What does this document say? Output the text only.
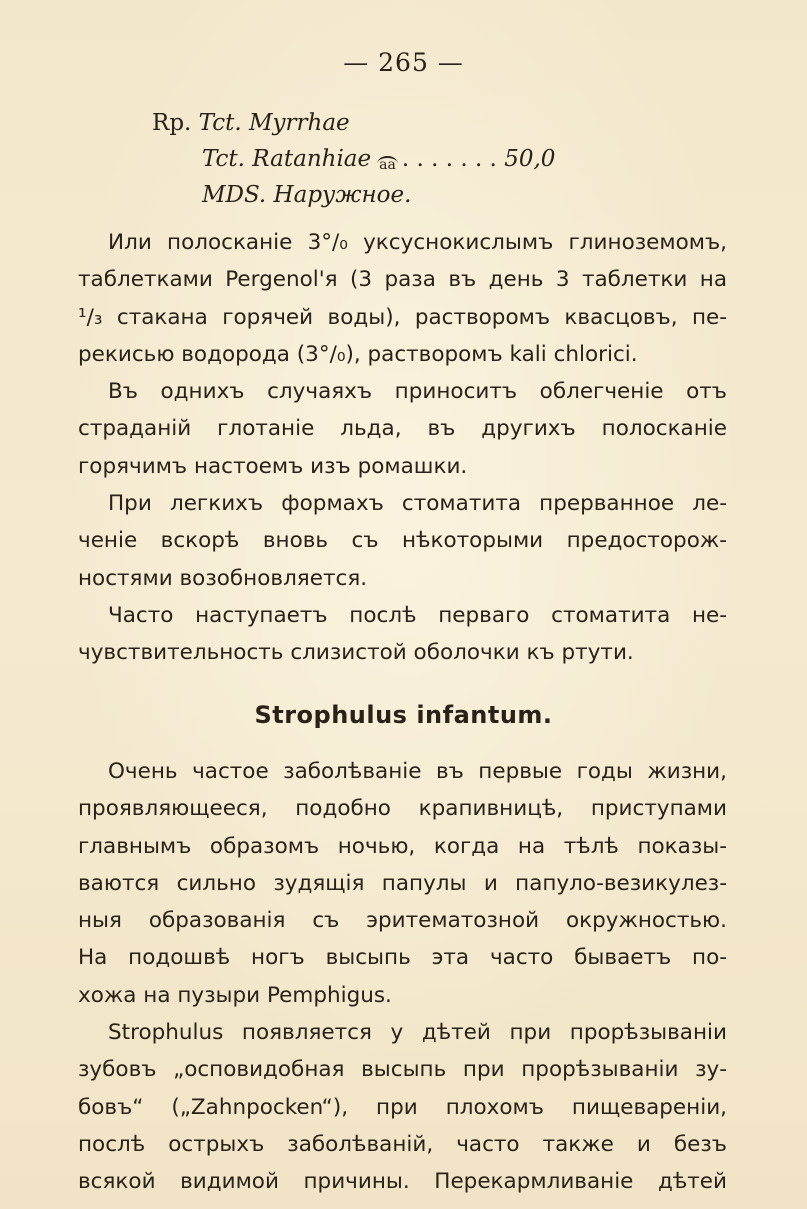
— 265 —
Rp. Tct. Myrrhae
Tct. Ratanhiae aa . . . . . . . 50,0
MDS. Наружное.
Или полосканіе 3°/₀ уксуснокислымъ глиноземомъ,
таблетками Pergenol'я (3 раза въ день 3 таблетки на
¹/₃ стакана горячей воды), растворомъ квасцовъ, пе-
рекисью водорода (3°/₀), растворомъ kali chlorici.
Въ однихъ случаяхъ приноситъ облегченіе отъ
страданій глотаніе льда, въ другихъ полосканіе
горячимъ настоемъ изъ ромашки.
При легкихъ формахъ стоматита прерванное ле-
ченіе вскорѣ вновь съ нѣкоторыми предосторож-
ностями возобновляется.
Часто наступаетъ послѣ перваго стоматита не-
чувствительность слизистой оболочки къ ртути.
Strophulus infantum.
Очень частое заболѣваніе въ первые годы жизни,
проявляющееся, подобно крапивницѣ, приступами
главнымъ образомъ ночью, когда на тѣлѣ показы-
ваются сильно зудящія папулы и папуло-везикулез-
ныя образованія съ эритематозной окружностью.
На подошвѣ ногъ высыпь эта часто бываетъ по-
хожа на пузыри Pemphigus.
Strophulus появляется у дѣтей при прорѣзываніи
зубовъ „осповидобная высыпь при прорѣзываніи зу-
бовъ“ („Zahnpocken“), при плохомъ пищевареніи,
послѣ острыхъ заболѣваній, часто также и безъ
всякой видимой причины. Перекармливаніе дѣтей
